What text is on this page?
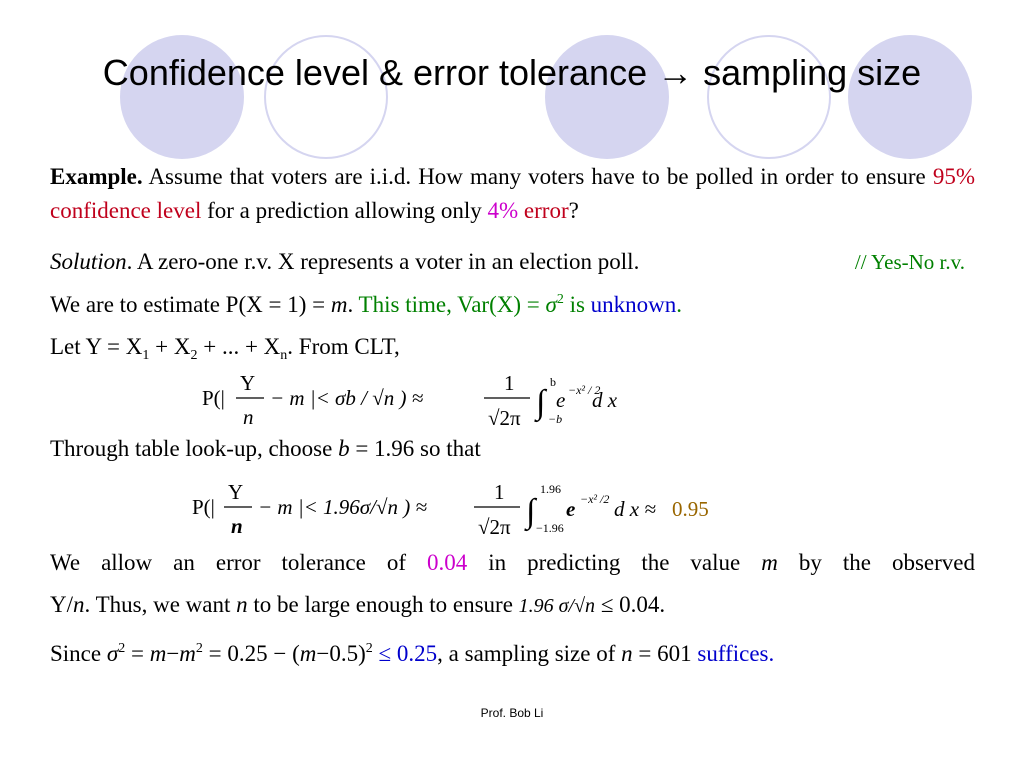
Confidence level & error tolerance → sampling size
Example. Assume that voters are i.i.d. How many voters have to be polled in order to ensure 95% confidence level for a prediction allowing only 4% error?
Solution. A zero-one r.v. X represents a voter in an election poll.	// Yes-No r.v.
We are to estimate P(X = 1) = m. This time, $Var(X) = \sigma^2$ is unknown.
Let $Y = X_1 + X_2$ + ... + $X_n$. From CLT,
P(|
Y
n
− m |< σb / √n ) ≈
1
√2π ∫
b
−b
e −x² / 2
d x
Through table look-up, choose b = 1.96 so that
P(|
Y
n
− m |< 1.96σ/√n ) ≈
1
√2π ∫
1.96
−1.96
e −x² /2 d x ≈ 0.95
We allow an error tolerance of 0.04 in predicting the value m by the observed
Y/n. Thus, we want n to be large enough to ensure 1.96 σ/√n ≤ 0.04.
Since $\sigma^2 = m-m^2 = 0.25 - (m-0.5)^2 \le 0.25$, a sampling size of n = 601 suffices.
Prof. Bob Li
